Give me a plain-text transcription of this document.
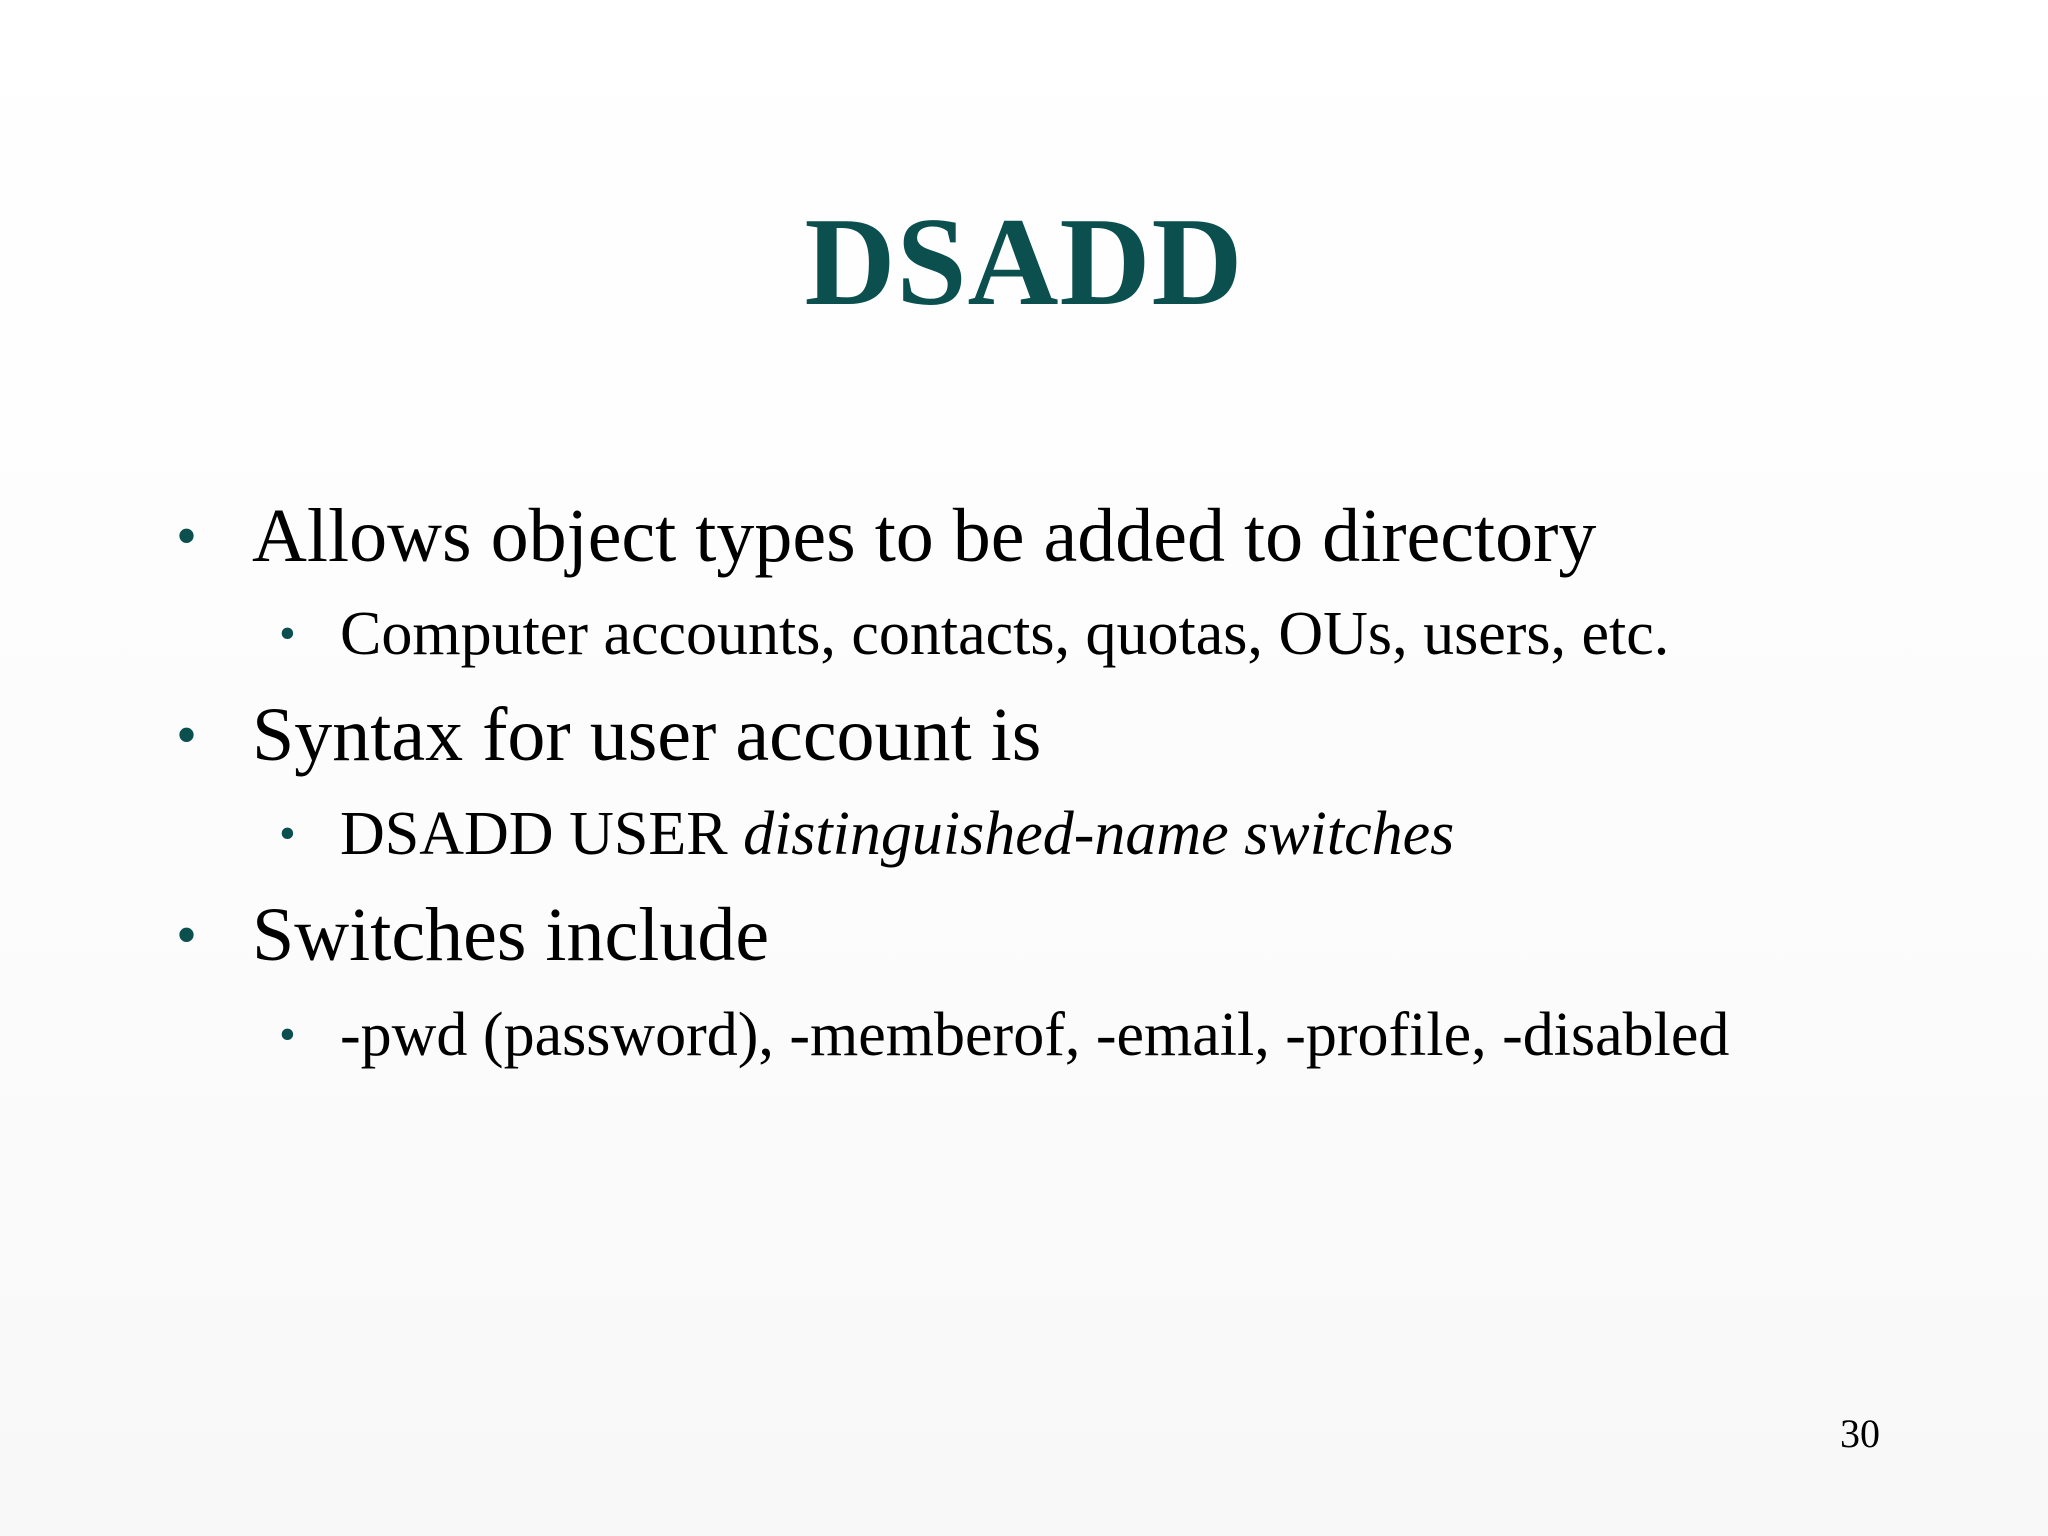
DSADD
• Allows object types to be added to directory
• Computer accounts, contacts, quotas, OUs, users, etc.
• Syntax for user account is
• DSADD USER distinguished-name switches
• Switches include
• -pwd (password), -memberof, -email, -profile, -disabled
30
